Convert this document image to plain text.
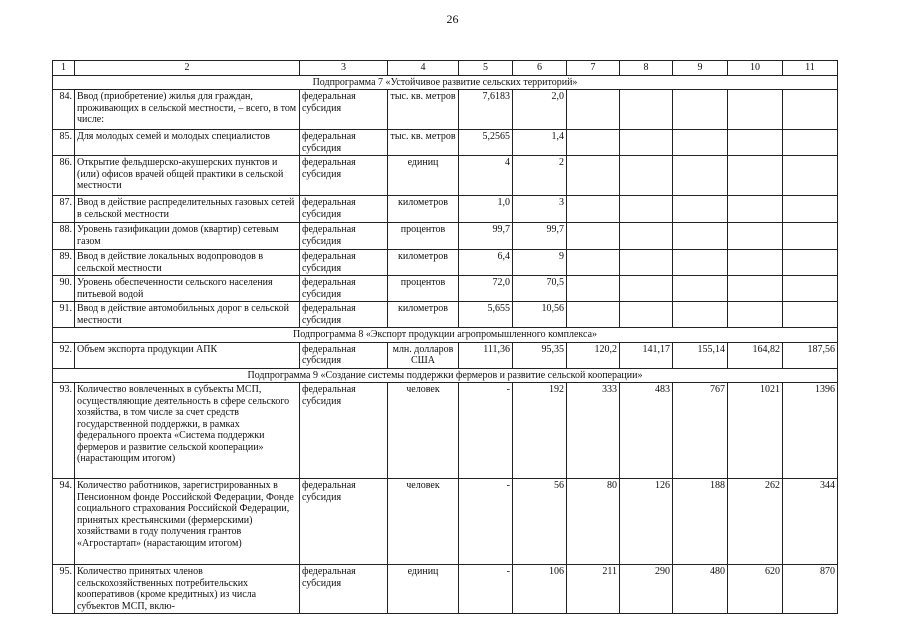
26
1	2	3	4	5	6	7	8	9	10	11
Подпрограмма 7 «Устойчивое развитие сельских территорий»										
84.	Ввод (приобретение) жилья для граждан, проживающих в сельской местности, – всего, в том числе:	федеральная субсидия	тыс. кв. метров	7,6183	2,0					
85.	Для молодых семей и молодых специалистов	федеральная субсидия	тыс. кв. метров	5,2565	1,4					
86.	Открытие фельдшерско-акушерских пунктов и (или) офисов врачей общей практики в сельской местности	федеральная субсидия	единиц	4	2					
87.	Ввод в действие распределительных газовых сетей в сельской местности	федеральная субсидия	километров	1,0	3					
88.	Уровень газификации домов (квартир) сетевым газом	федеральная субсидия	процентов	99,7	99,7					
89.	Ввод в действие локальных водопроводов в сельской местности	федеральная субсидия	километров	6,4	9					
90.	Уровень обеспеченности сельского населения питьевой водой	федеральная субсидия	процентов	72,0	70,5					
91.	Ввод в действие автомобильных дорог в сельской местности	федеральная субсидия	километров	5,655	10,56					
Подпрограмма 8 «Экспорт продукции агропромышленного комплекса»										
92.	Объем экспорта продукции АПК	федеральная субсидия	млн. долларов США	111,36	95,35	120,2	141,17	155,14	164,82	187,56
Подпрограмма 9 «Создание системы поддержки фермеров и развитие сельской кооперации»										
93.	Количество вовлеченных в субъекты МСП, осуществляющие деятельность в сфере сельского хозяйства, в том числе за счет средств государственной поддержки, в рамках федерального проекта «Система поддержки фермеров и развитие сельской кооперации» (нарастающим итогом)	федеральная субсидия	человек	-	192	333	483	767	1021	1396
94.	Количество работников, зарегистрированных в Пенсионном фонде Российской Федерации, Фонде социального страхования Российской Федерации, принятых крестьянскими (фермерскими) хозяйствами в году получения грантов «Агростартап» (нарастающим итогом)	федеральная субсидия	человек	-	56	80	126	188	262	344
95.	Количество принятых членов сельскохозяйственных потребительских кооперативов (кроме кредитных) из числа субъектов МСП, вклю-	федеральная субсидия	единиц	-	106	211	290	480	620	870
